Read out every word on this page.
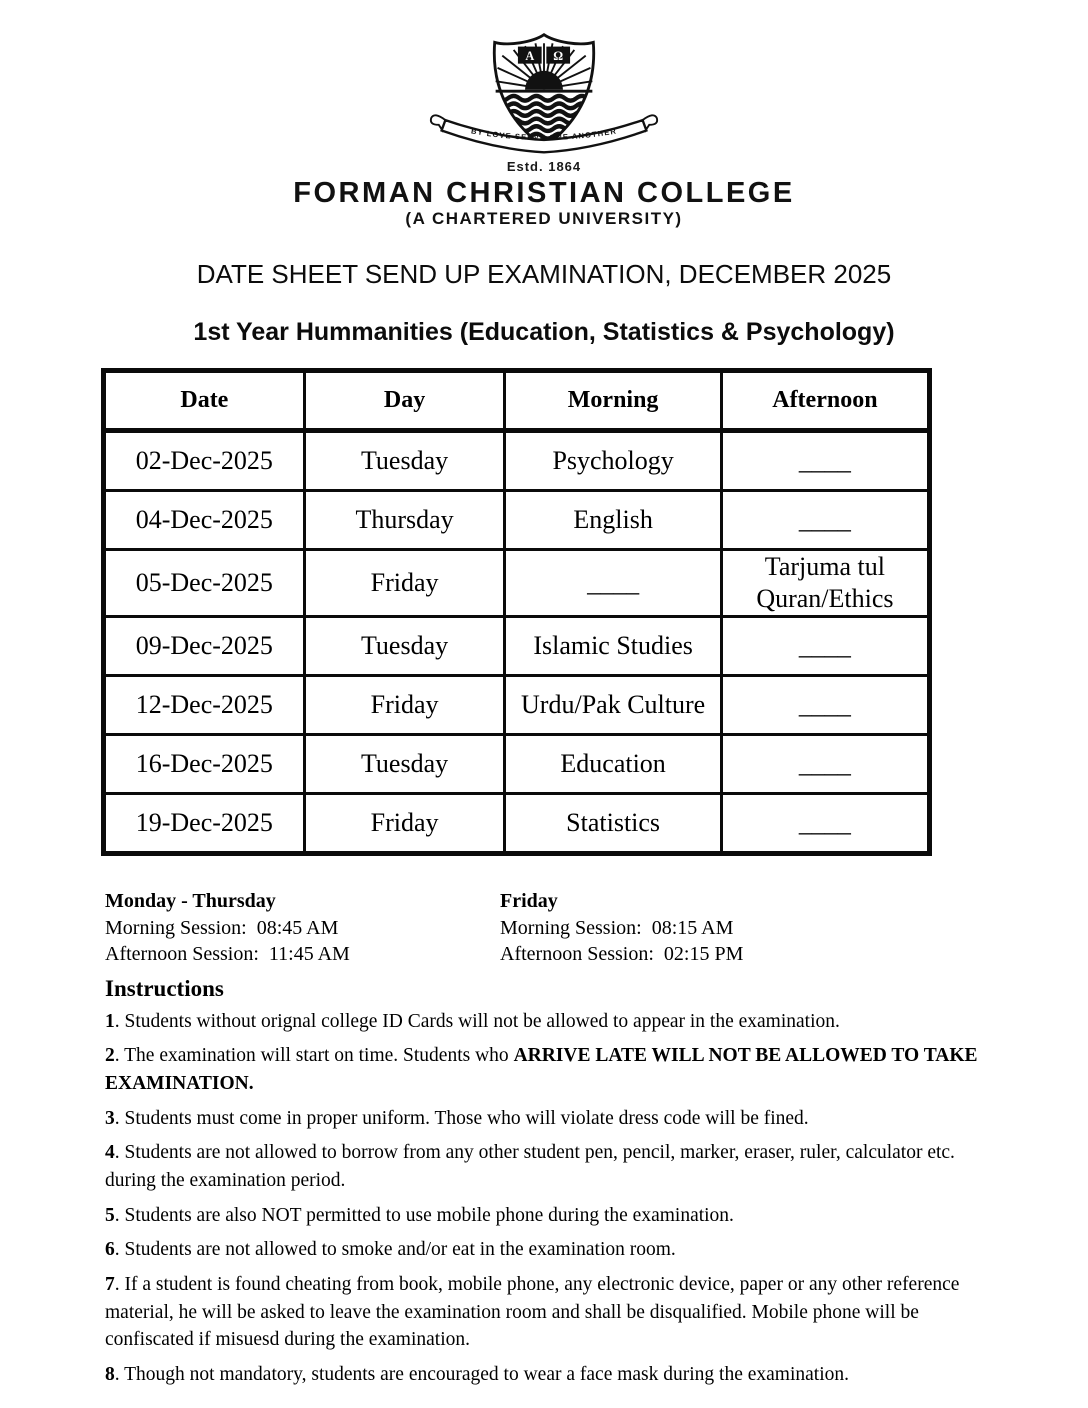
Α Ω
BY LOVE SERVE ONE ANOTHER
Estd. 1864
FORMAN CHRISTIAN COLLEGE
(A CHARTERED UNIVERSITY)
DATE SHEET SEND UP EXAMINATION, DECEMBER 2025
1st Year Hummanities (Education, Statistics & Psychology)
Date	Day	Morning	Afternoon
02-Dec-2025	Tuesday	Psychology	____
04-Dec-2025	Thursday	English	____
05-Dec-2025	Friday	____	Tarjuma tul Quran/Ethics
09-Dec-2025	Tuesday	Islamic Studies	____
12-Dec-2025	Friday	Urdu/Pak Culture	____
16-Dec-2025	Tuesday	Education	____
19-Dec-2025	Friday	Statistics	____
Monday - Thursday
Morning Session: 08:45 AM
Afternoon Session: 11:45 AM
Friday
Morning Session: 08:15 AM
Afternoon Session: 02:15 PM
Instructions
1. Students without orignal college ID Cards will not be allowed to appear in the examination.
2. The examination will start on time. Students who ARRIVE LATE WILL NOT BE ALLOWED TO TAKE EXAMINATION.
3. Students must come in proper uniform. Those who will violate dress code will be fined.
4. Students are not allowed to borrow from any other student pen, pencil, marker, eraser, ruler, calculator etc. during the examination period.
5. Students are also NOT permitted to use mobile phone during the examination.
6. Students are not allowed to smoke and/or eat in the examination room.
7. If a student is found cheating from book, mobile phone, any electronic device, paper or any other reference material, he will be asked to leave the examination room and shall be disqualified. Mobile phone will be confiscated if misuesd during the examination.
8. Though not mandatory, students are encouraged to wear a face mask during the examination.
